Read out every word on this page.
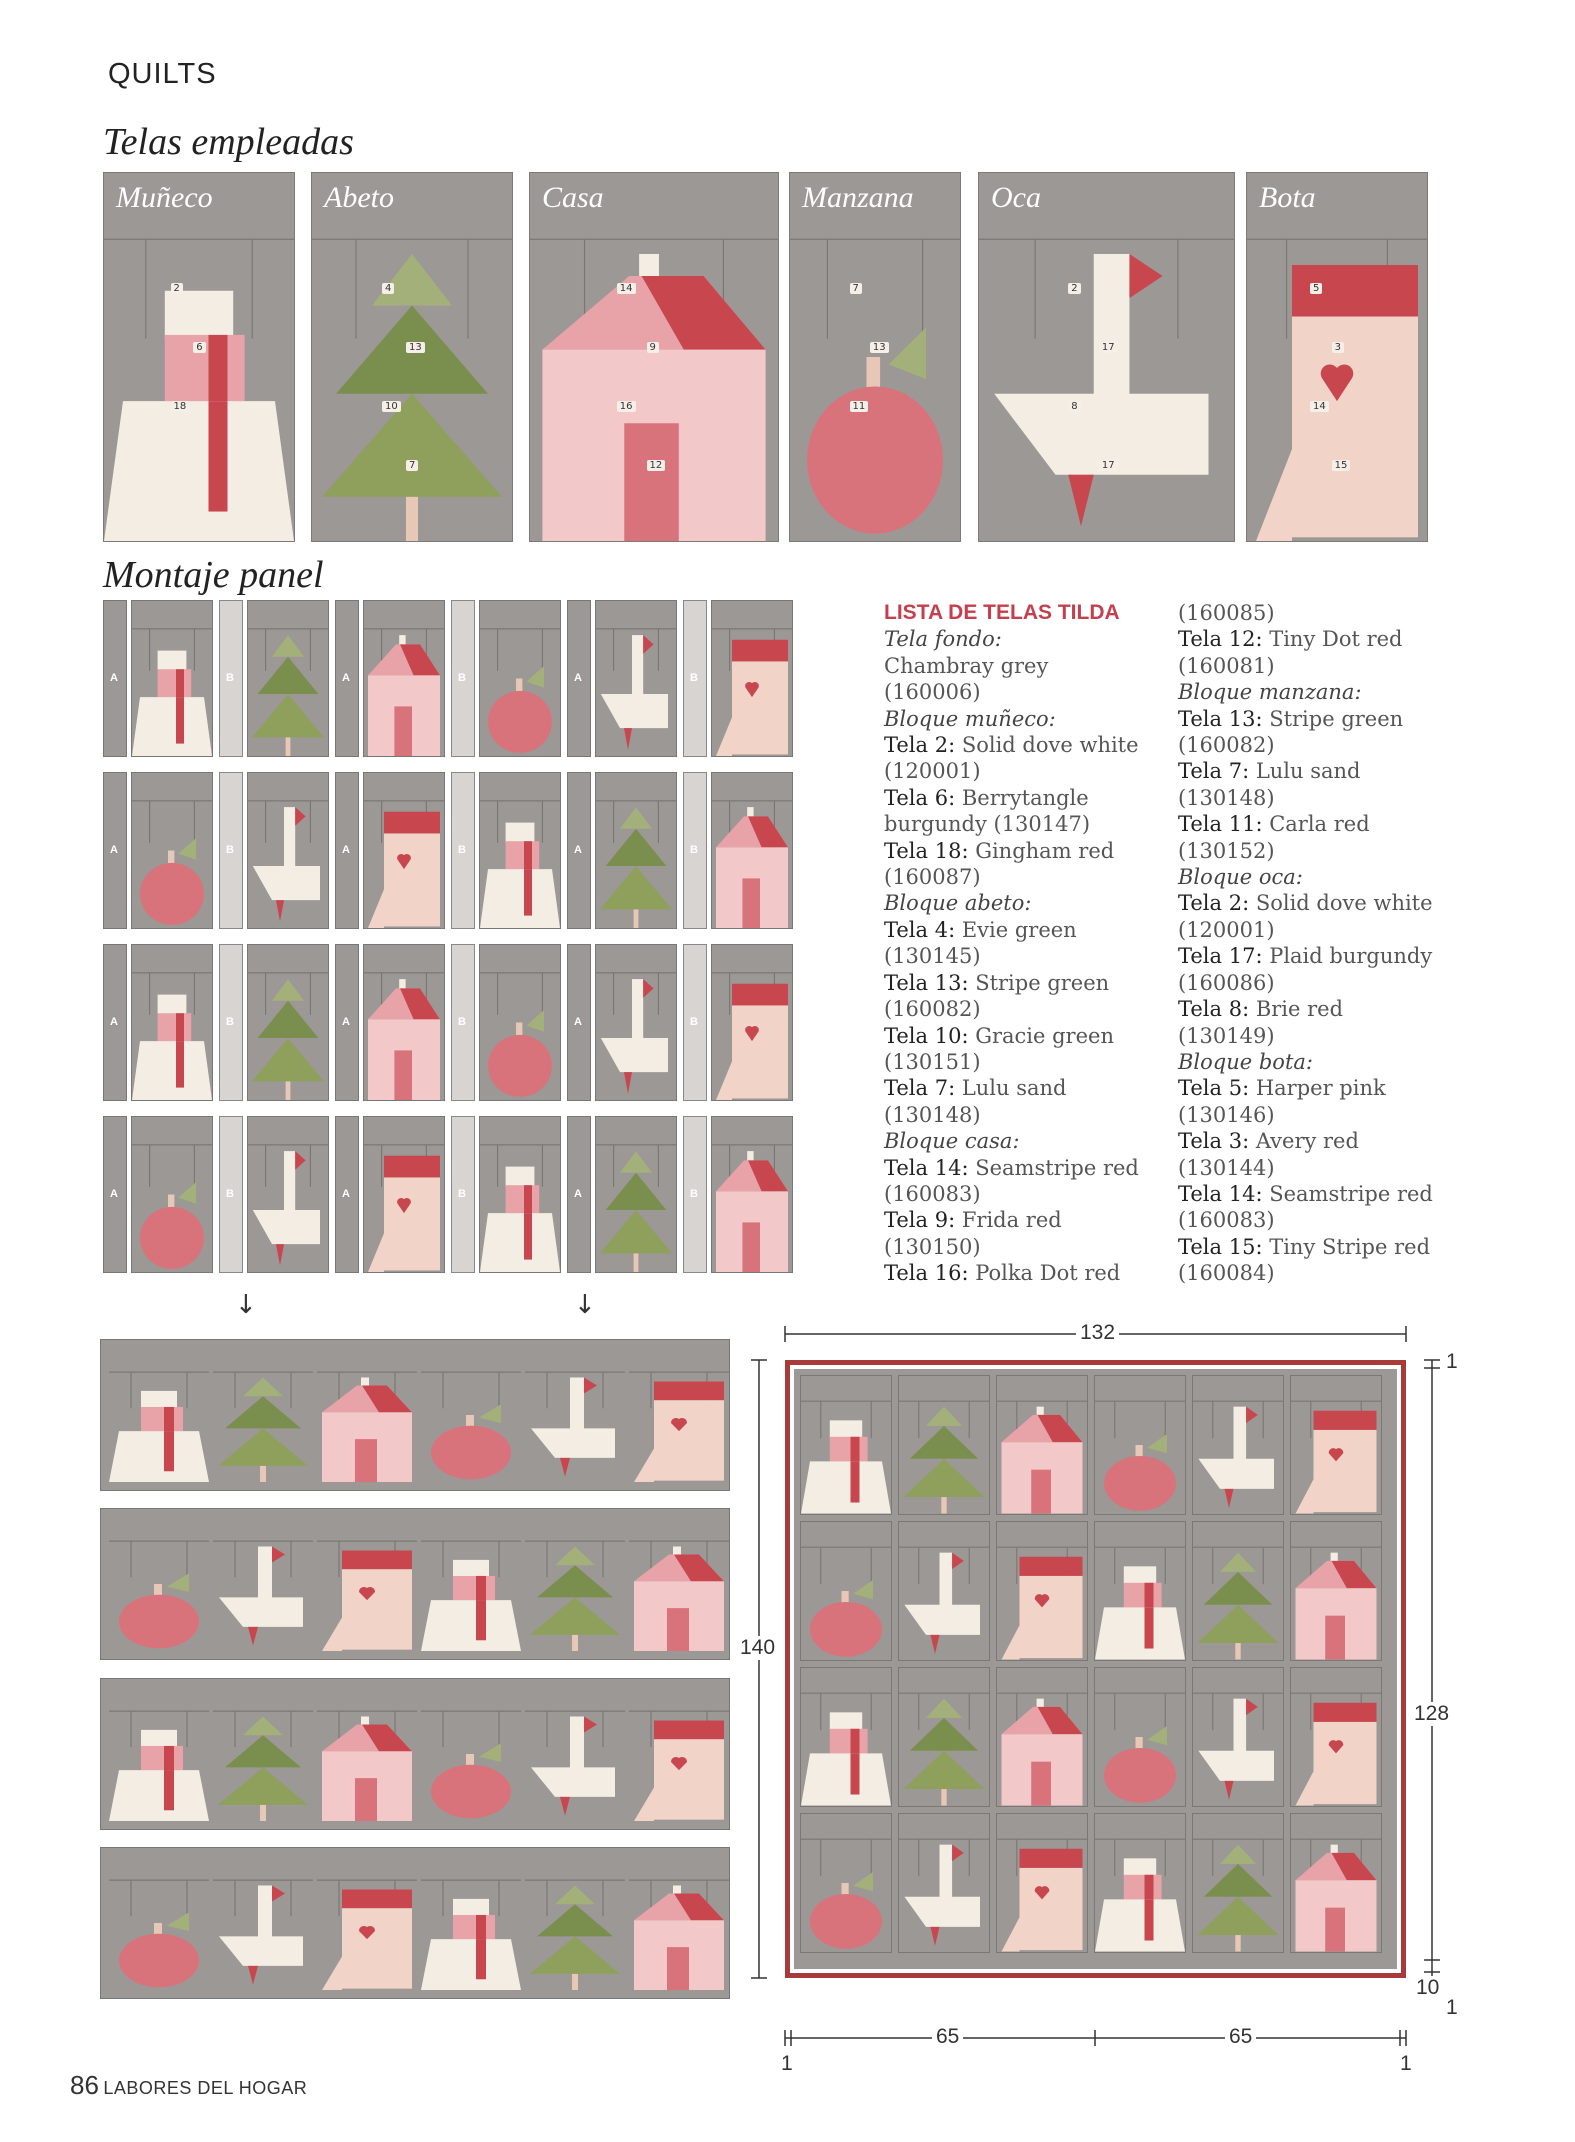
QUILTS
Telas empleadas
Muñeco
2
6
18
Abeto
4
13
10
7
Casa
14
9
16
12
Manzana
7
13
11
Oca
2
17
8
17
Bota
5
3
14
15
Montaje panel
A	B	A	B	A	B
A	B	A	B	A	B
A	B	A	B	A	B
A	B	A	B	A	B
LISTA DE TELAS TILDA
Tela fondo:
Chambray grey
(160006)
Bloque muñeco:
Tela 2: Solid dove white
(120001)
Tela 6: Berrytangle
burgundy (130147)
Tela 18: Gingham red
(160087)
Bloque abeto:
Tela 4: Evie green
(130145)
Tela 13: Stripe green
(160082)
Tela 10: Gracie green
(130151)
Tela 7: Lulu sand
(130148)
Bloque casa:
Tela 14: Seamstripe red
(160083)
Tela 9: Frida red
(130150)
Tela 16: Polka Dot red
(160085)
Tela 12: Tiny Dot red
(160081)
Bloque manzana:
Tela 13: Stripe green
(160082)
Tela 7: Lulu sand
(130148)
Tela 11: Carla red
(130152)
Bloque oca:
Tela 2: Solid dove white
(120001)
Tela 17: Plaid burgundy
(160086)
Tela 8: Brie red
(130149)
Bloque bota:
Tela 5: Harper pink
(130146)
Tela 3: Avery red
(130144)
Tela 14: Seamstripe red
(160083)
Tela 15: Tiny Stripe red
(160084)
↓	↓
132
140
128
1
10
1
65	65
1	1
86 LABORES DEL HOGAR
